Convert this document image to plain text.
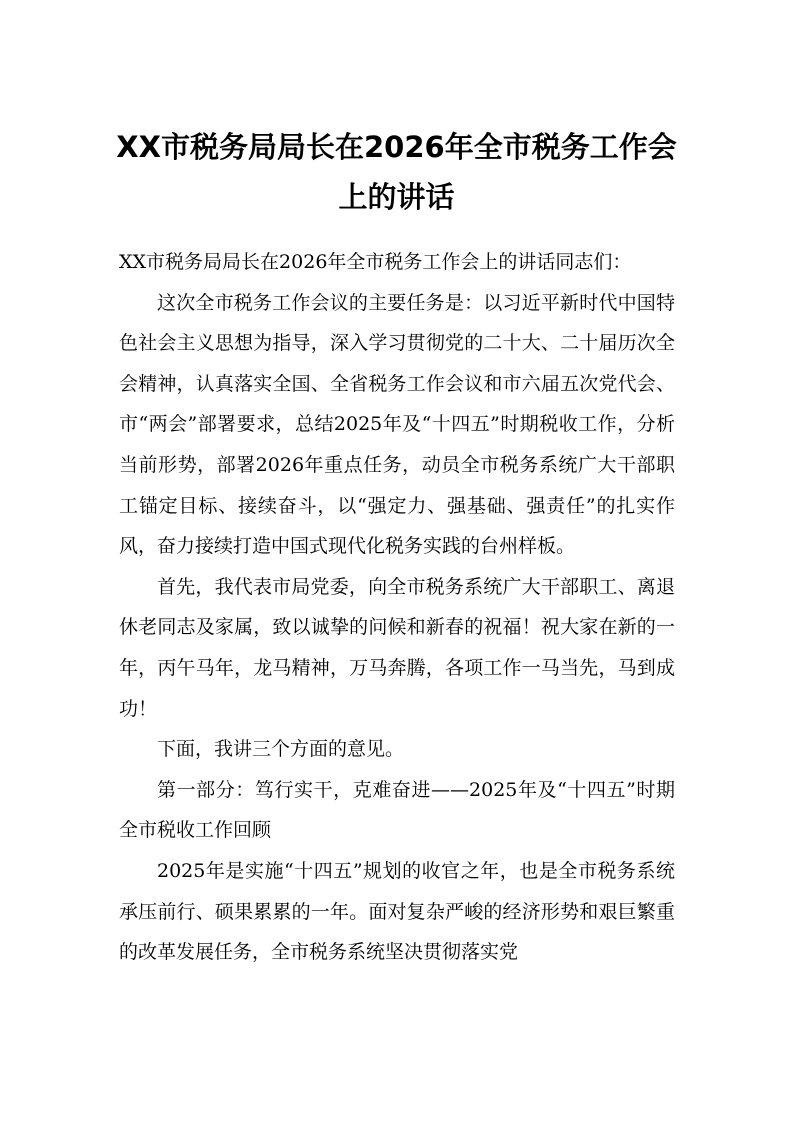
XX市税务局局长在2026年全市税务工作会上的讲话

XX市税务局局长在2026年全市税务工作会上的讲话同志们：

这次全市税务工作会议的主要任务是：以习近平新时代中国特色社会主义思想为指导，深入学习贯彻党的二十大、二十届历次全会精神，认真落实全国、全省税务工作会议和市六届五次党代会、市“两会”部署要求，总结2025年及“十四五”时期税收工作，分析当前形势，部署2026年重点任务，动员全市税务系统广大干部职工锚定目标、接续奋斗，以“强定力、强基础、强责任”的扎实作风，奋力接续打造中国式现代化税务实践的台州样板。

首先，我代表市局党委，向全市税务系统广大干部职工、离退休老同志及家属，致以诚挚的问候和新春的祝福！祝大家在新的一年，丙午马年，龙马精神，万马奔腾，各项工作一马当先，马到成功！

下面，我讲三个方面的意见。

第一部分：笃行实干，克难奋进——2025年及“十四五”时期全市税收工作回顾

2025年是实施“十四五”规划的收官之年，也是全市税务系统承压前行、硕果累累的一年。面对复杂严峻的经济形势和艰巨繁重的改革发展任务，全市税务系统坚决贯彻落实党
